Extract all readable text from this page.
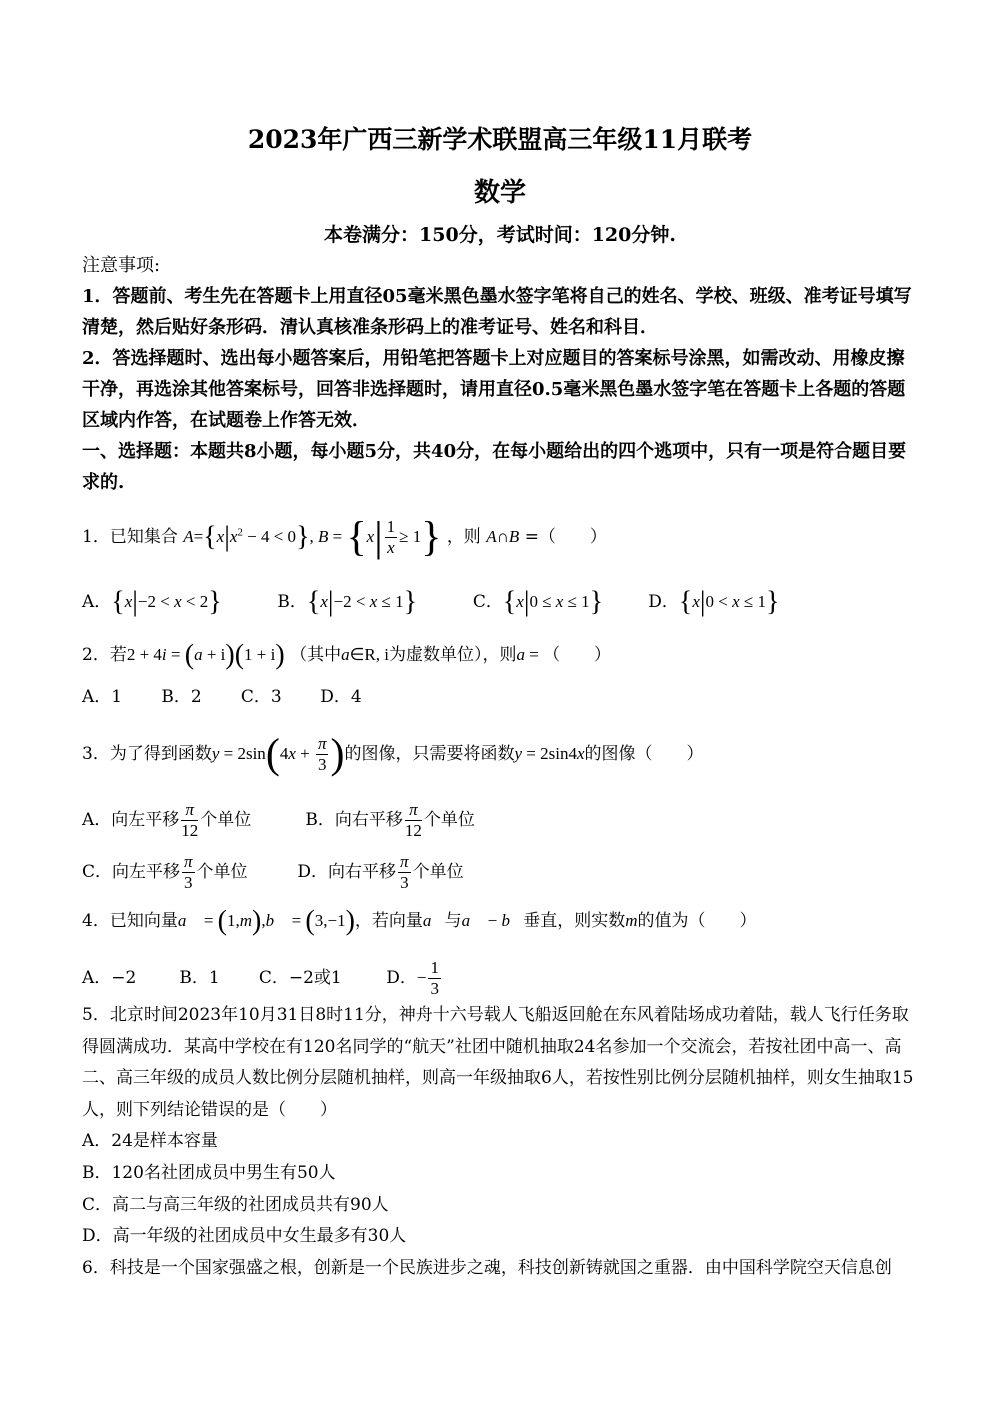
2023年广西三新学术联盟高三年级11月联考
数学
本卷满分：150分，考试时间：120分钟.
注意事项:
1．答题前、考生先在答题卡上用直径05毫米黑色墨水签字笔将自己的姓名、学校、班级、准考证号填写清楚，然后贴好条形码．清认真核准条形码上的准考证号、姓名和科目．
2．答选择题时、选出每小题答案后，用铅笔把答题卡上对应题目的答案标号涂黑，如需改动、用橡皮擦干净，再选涂其他答案标号，回答非选择题时，请用直径0.5毫米黑色墨水签字笔在答题卡上各题的答题区域内作答，在试题卷上作答无效．
一、选择题：本题共8小题，每小题5分，共40分，在每小题给出的四个逃项中，只有一项是符合题目要求的.
1．已知集合 $A=\{x|x^2 - 4 < 0\}$, $B = \{x| \frac{1}{x} \ge 1\}$ ，则 A∩B =（　　）
A．{x|−2 < x < 2}	B．{x|−2 < x ≤ 1}	C．{x|0 ≤ x ≤ 1}	D．{x|0 < x ≤ 1}
2．若2 + 4i = (a + i)(1 + i) （其中a∈R, i为虚数单位），则a = （　　）
A．1 B．2 C．3 D．4
3．为了得到函数$y = 2\sin(4x + \frac{\pi}{3}$ )的图像，只需要将函数y = 2sin4x的图像（　　）
A．向左平移 $\frac{\pi}{12}$ 个单位	B．向右平移 $\frac{\pi}{12}$ 个单位
C．向左平移 $\frac{\pi}{3}$ 个单位	D．向右平移 $\frac{\pi}{3}$ 个单位
4．已知向量a⃗ = (1,m),b⃗ = (3,−1)，若向量a⃗与a⃗ − b⃗垂直，则实数m的值为（　　）
A．−2	B．1 C．−2或1	D．− $\frac{1}{3}$
5．北京时间2023年10月31日8时11分，神舟十六号载人飞船返回舱在东风着陆场成功着陆，载人飞行任务取得圆满成功．某高中学校在有120名同学的“航天”社团中随机抽取24名参加一个交流会，若按社团中高一、高二、高三年级的成员人数比例分层随机抽样，则高一年级抽取6人，若按性别比例分层随机抽样，则女生抽取15人，则下列结论错误的是（　　）
A．24是样本容量
B．120名社团成员中男生有50人
C．高二与高三年级的社团成员共有90人
D．高一年级的社团成员中女生最多有30人
6．科技是一个国家强盛之根，创新是一个民族进步之魂，科技创新铸就国之重器．由中国科学院空天信息创
